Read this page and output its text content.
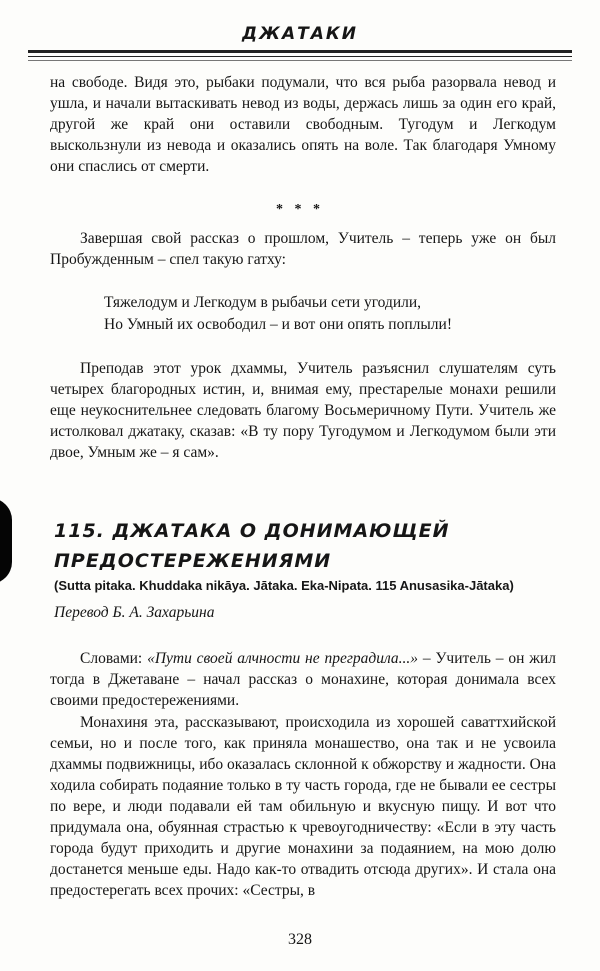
ДЖАТАКИ

на свободе. Видя это, рыбаки подумали, что вся рыба разорвала невод и ушла, и начали вытаскивать невод из воды, держась лишь за один его край, другой же край они оставили свободным. Тугодум и Легкодум выскользнули из невода и оказались опять на воле. Так благодаря Умному они спаслись от смерти.

* * *

Завершая свой рассказ о прошлом, Учитель – теперь уже он был Пробужденным – спел такую гатху:

Тяжелодум и Легкодум в рыбачьи сети угодили,
Но Умный их освободил – и вот они опять поплыли!

Преподав этот урок дхаммы, Учитель разъяснил слушателям суть четырех благородных истин, и, внимая ему, престарелые монахи решили еще неукоснительнее следовать благому Восьмеричному Пути. Учитель же истолковал джатаку, сказав: «В ту пору Тугодумом и Легкодумом были эти двое, Умным же – я сам».

115. ДЖАТАКА О ДОНИМАЮЩЕЙ
ПРЕДОСТЕРЕЖЕНИЯМИ
(Sutta pitaka. Khuddaka nikāya. Jātaka. Eka-Nipata. 115 Anusasika-Jātaka)
Перевод Б. А. Захарьина

Словами: «Пути своей алчности не преградила...» – Учитель – он жил тогда в Джетаване – начал рассказ о монахине, которая донимала всех своими предостережениями.

Монахиня эта, рассказывают, происходила из хорошей саваттхийской семьи, но и после того, как приняла монашество, она так и не усвоила дхаммы подвижницы, ибо оказалась склонной к обжорству и жадности. Она ходила собирать подаяние только в ту часть города, где не бывали ее сестры по вере, и люди подавали ей там обильную и вкусную пищу. И вот что придумала она, обуянная страстью к чревоугодничеству: «Если в эту часть города будут приходить и другие монахини за подаянием, на мою долю достанется меньше еды. Надо как-то отвадить отсюда других». И стала она предостерегать всех прочих: «Сестры, в

328
